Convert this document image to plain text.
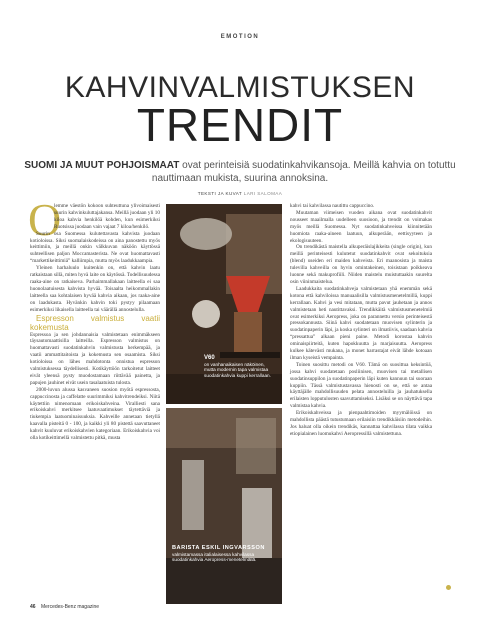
EMOTION
KAHVINVALMISTUKSEN
TRENDIT
SUOMI JA MUUT POHJOISMAAT ovat perinteisiä suodatinkahvikansoja. Meillä kahvia on totuttu nauttimaan mukista, suurina annoksina.
TEKSTI JA KUVAT LARI SALOMAA
O

lemme väestön kokoon suhteuttuna ylivoimaisesti suurin kahvinkuluttajakansa. Meillä juodaan yli 10 kiloa kahvia henkilöä kohden, kun esimerkiksi Ruotsissa juodaan vain vajaat 7 kiloa/henkilö.

Suurin osa Suomessa kulutettavasta kahvista juodaan kotioloissa. Siksi suomalaiskodeissa on aina panostettu myös keittimiin, ja meillä onkin välkkuvan näköön käyttössä suhteellisen paljon Moccamasterista. Ne ovat huomattavasti “markettikeittimiä” kalliimpia, mutta myös laadukkaampia.

Yleinen harhaluulo kuitenkin on, että kahvin laatu ratkaistaan sillä, miten hyvä laite on käytössä. Todellisuudessa raaka-aine on ratkaiseva. Parhaimmallakaan laitteella ei saa huonolaatuisesta kahvista hyvää. Toisaalta heikommallakin laitteella saa kohtalaisen hyvää kahvia aikaan, jos raaka-aine on laadukasta. Hyvänkin kahvin toki pystyy pilaamaan esimerkiksi likaisella laitteella tai väärällä annostelulla.

Espresson valmistus vaatii kokemusta

Espressoa ja sen johdannaisia valmistetaan enimmäkseen täysautomaattisilla laitteilla. Espresson valmistus on huomattavasti suodatinkahvin valmistusta herkempää, ja vaatii ammattitaitoista ja kokemusta sen osaamista. Siksi kotioloissa on lähes mahdotonta onnistua espresson valmistuksessa täydellisesti. Kotikäyttöön tarkoitetut laitteet eivät yleensä pysty muodostamaan riittävää painetta, ja papujen jauhinet eivät usein tasalaatuista tulosta.

2000-luvun alussa kasvaneen suosion myötä espressosta, cappuccinosta ja caffelatte suurimmiksi kahvitrendeiksi. Niitä käytettiin nimenomaan erikoiskahveina. Viralliesti sana erikoiskahvi merkitsee laatuvaatimukset täytettäviä ja tiukempia laatuominaisuuksia. Kahveille annetaan tietyllä kaavalla pisteitä 0 - 100, ja kaikki yli 80 pistettä saavuttaneet kahvit kuuluvat erikoiskahvien kategoriaan. Erikoiskahvia voi olla kotikeittimellä valmistettu pitkä, musta

V60
on vanhanaikaisen näköinen, mutta modernin tapa valmistaa suodatinkahvia kuppi kerrallaan.
BARISTA ESKIL INGVARSSON
valmistamassa italialaisessa kahvilassa suodatinkahvia Aeropress-menetelmällä.

kahvi tai kahvilassa nautittu cappuccino.

Muutaman viimeisen vuoden aikana ovat suodatinkahvit nousseet maailmalla uudelleen suosioon, ja trendit on voimakas myös meillä Suomessa. Nyt suodatinkahveissa kiinnitetään huomiota raaka-aineen laatuun, alkuperään, eettisyyteen ja ekologisuuteen.

On trendikästä maistella alkuperäislajikkeita (single origin), kun meillä perinteisesti kulutetut suodatinkahvit ovat sekoituksia (blend) useiden eri maiden kahveista. Eri maanosista ja maista tulevilla kahveilla on hyvin omintakeinen, toisistaan poikkeava luonne sekä makuprofiili. Niiden maistelu muistuttaakin suurelta osin viininmaistelua.

Laadukkaita suodatinkahveja valmistetaan yhä enemmän sekä kotona että kahviloissa manuaalisilla valmistusmenetelmillä, kuppi kerrallaan. Kahvi ja vesi mitataan, mutta pavut jauhetaan ja annos valmistetaan heti nautittavaksi. Trendikkäitä valmistusmenetelmiä ovat esimerkiksi Aeropress, joka on parannettu versio perinteisestä pressokannusta. Siinä kahvi suodatetaan muovisen sylinterin ja suodatinpaperin läpi, ja koska sylinteri on ilmatiivis, saadaan kahvia “pressattua” alkaan pieni paine. Metodi korostaa kahvin ominaispiirteitä, kuten hapokkuutta ja marjaisuutta. Aeropress kulkee kätevästi mukana, ja monet harrastajat eivät lähde kotoaan ilman kyseistä vempainta.

Toinen suosittu metodi on V60. Tämä on suosittua keksintöä, jossa kahvi suodatetaan posliinisen, muovisen tai metallisen suodatinsuppilon ja suodatinpaperin läpi kuten kannuun tai suoraan kuppiin. Tässä valmistustavassa hienosti on se, että se antaa käyttäjälle mahdollisuuden pelata annosteluilla ja jauhatuksella erilaisten lopputulosten saavuttamiseksi. Lisäksi se on näyttävä tapa valmistaa kahvia.

Erikoiskahveissa ja pienpaahtimoiden myymälöissä on mahdollista päästä tutustumaan erilaisiin trendikkäisiin metodeihin. Jos haluat olla oikein trendikäs, kannattaa kahvilassa tilata vaikka etiopialainen luomukahvi Aeropressillä valmistettuna.

46 Mercedes-Benz magazine
